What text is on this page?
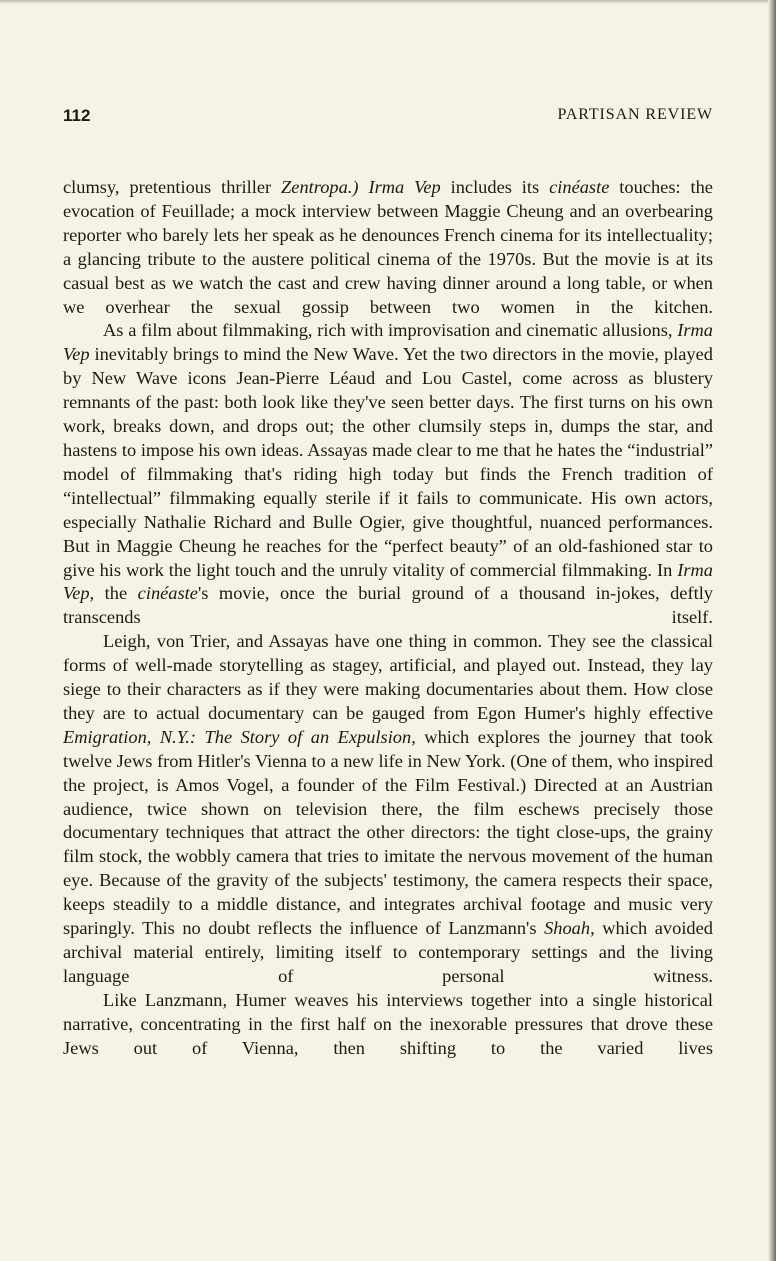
112	PARTISAN REVIEW

clumsy, pretentious thriller Zentropa.) Irma Vep includes its cinéaste touches: the evocation of Feuillade; a mock interview between Maggie Cheung and an overbearing reporter who barely lets her speak as he denounces French cinema for its intellectuality; a glancing tribute to the austere political cinema of the 1970s. But the movie is at its casual best as we watch the cast and crew having dinner around a long table, or when we overhear the sexual gossip between two women in the kitchen.

As a film about filmmaking, rich with improvisation and cinematic allusions, Irma Vep inevitably brings to mind the New Wave. Yet the two directors in the movie, played by New Wave icons Jean-Pierre Léaud and Lou Castel, come across as blustery remnants of the past: both look like they've seen better days. The first turns on his own work, breaks down, and drops out; the other clumsily steps in, dumps the star, and hastens to impose his own ideas. Assayas made clear to me that he hates the “industrial” model of filmmaking that's riding high today but finds the French tradition of “intellectual” filmmaking equally sterile if it fails to communicate. His own actors, especially Nathalie Richard and Bulle Ogier, give thoughtful, nuanced performances. But in Maggie Cheung he reaches for the “perfect beauty” of an old-fashioned star to give his work the light touch and the unruly vitality of commercial filmmaking. In Irma Vep, the cinéaste's movie, once the burial ground of a thousand in-jokes, deftly transcends itself.

Leigh, von Trier, and Assayas have one thing in common. They see the classical forms of well-made storytelling as stagey, artificial, and played out. Instead, they lay siege to their characters as if they were making documentaries about them. How close they are to actual documentary can be gauged from Egon Humer's highly effective Emigration, N.Y.: The Story of an Expulsion, which explores the journey that took twelve Jews from Hitler's Vienna to a new life in New York. (One of them, who inspired the project, is Amos Vogel, a founder of the Film Festival.) Directed at an Austrian audience, twice shown on television there, the film eschews precisely those documentary techniques that attract the other directors: the tight close-ups, the grainy film stock, the wobbly camera that tries to imitate the nervous movement of the human eye. Because of the gravity of the subjects' testimony, the camera respects their space, keeps steadily to a middle distance, and integrates archival footage and music very sparingly. This no doubt reflects the influence of Lanzmann's Shoah, which avoided archival material entirely, limiting itself to contemporary settings and the living language of personal witness.

Like Lanzmann, Humer weaves his interviews together into a single historical narrative, concentrating in the first half on the inexorable pressures that drove these Jews out of Vienna, then shifting to the varied lives
